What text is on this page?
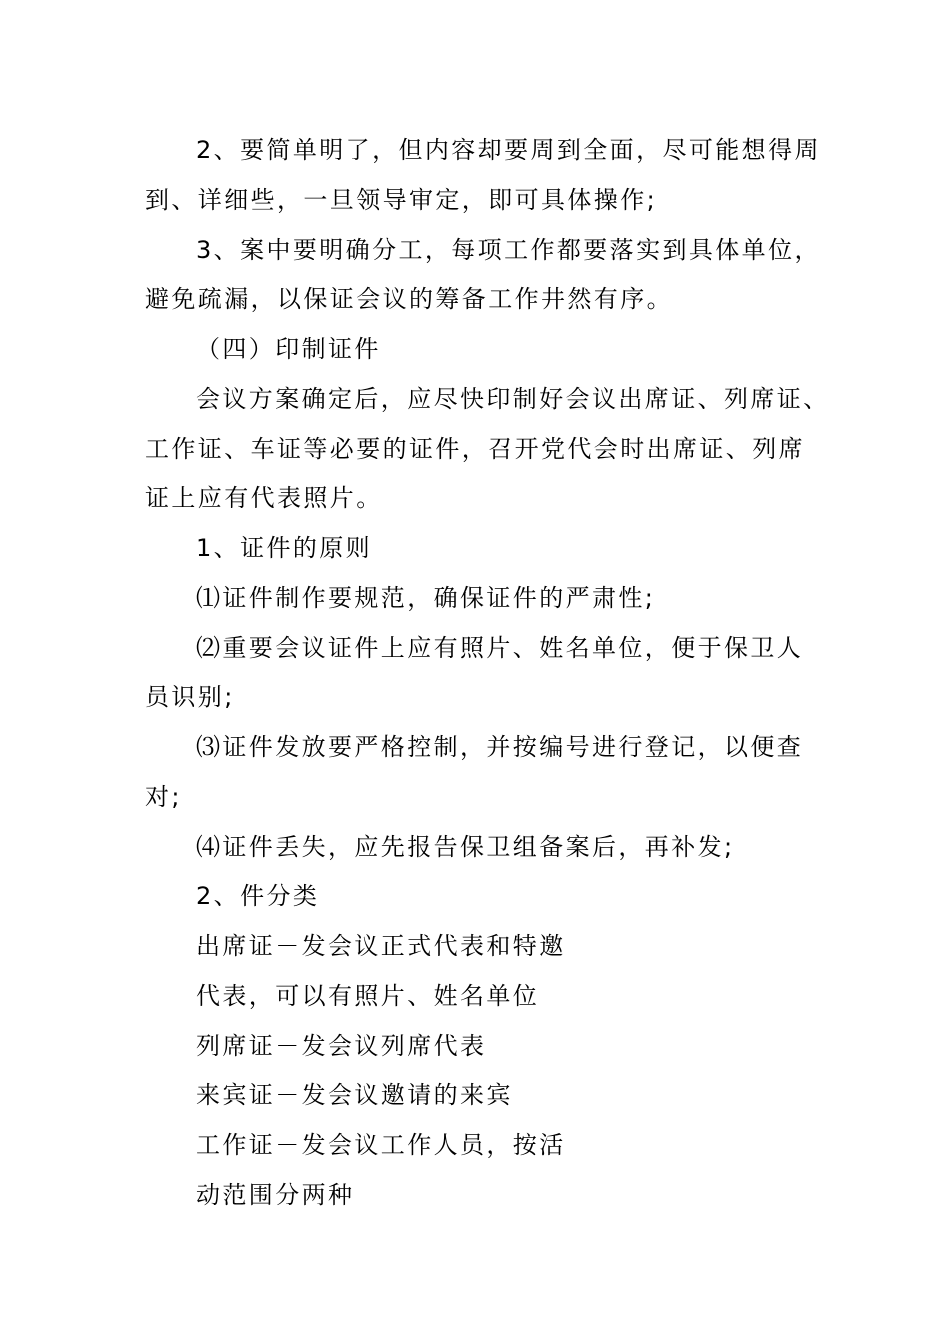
2、要简单明了，但内容却要周到全面，尽可能想得周
到、详细些，一旦领导审定，即可具体操作;
3、案中要明确分工，每项工作都要落实到具体单位，
避免疏漏，以保证会议的筹备工作井然有序。
（四）印制证件
会议方案确定后，应尽快印制好会议出席证、列席证、
工作证、车证等必要的证件，召开党代会时出席证、列席
证上应有代表照片。
1、证件的原则
⑴证件制作要规范，确保证件的严肃性;
⑵重要会议证件上应有照片、姓名单位，便于保卫人
员识别;
⑶证件发放要严格控制，并按编号进行登记，以便查
对;
⑷证件丢失，应先报告保卫组备案后，再补发;
2、件分类
出席证－发会议正式代表和特邀
代表，可以有照片、姓名单位
列席证－发会议列席代表
来宾证－发会议邀请的来宾
工作证－发会议工作人员，按活
动范围分两种
